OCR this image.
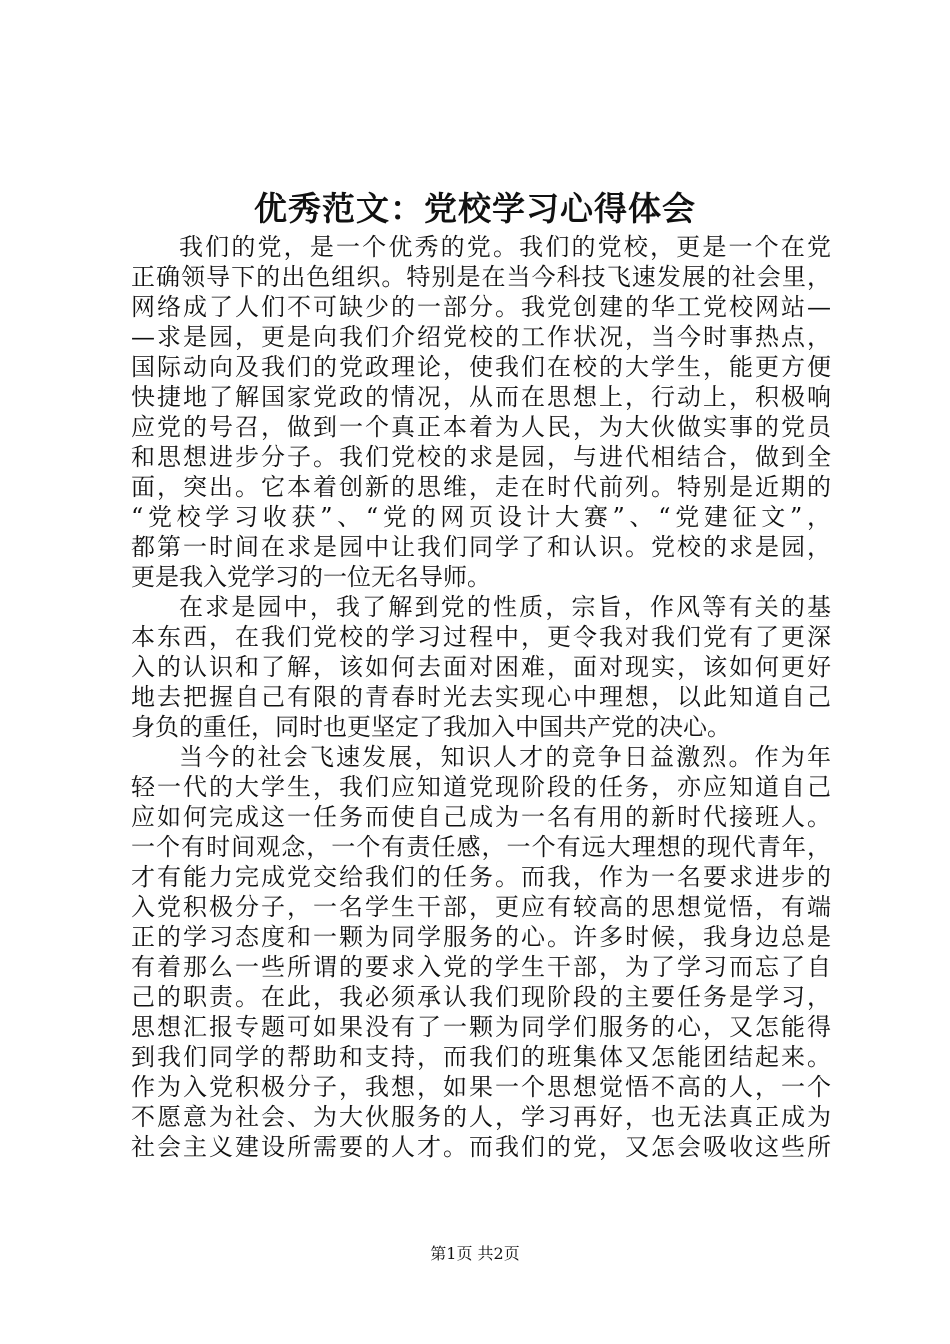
优秀范文：党校学习心得体会
我们的党，是一个优秀的党。我们的党校，更是一个在党
正确领导下的出色组织。特别是在当今科技飞速发展的社会里，
网络成了人们不可缺少的一部分。我党创建的华工党校网站—
—求是园，更是向我们介绍党校的工作状况，当今时事热点，
国际动向及我们的党政理论，使我们在校的大学生，能更方便
快捷地了解国家党政的情况，从而在思想上，行动上，积极响
应党的号召，做到一个真正本着为人民，为大伙做实事的党员
和思想进步分子。我们党校的求是园，与进代相结合，做到全
面，突出。它本着创新的思维，走在时代前列。特别是近期的
“党校学习收获”、“党的网页设计大赛”、“党建征文”，
都第一时间在求是园中让我们同学了和认识。党校的求是园，
更是我入党学习的一位无名导师。
在求是园中，我了解到党的性质，宗旨，作风等有关的基
本东西，在我们党校的学习过程中，更令我对我们党有了更深
入的认识和了解，该如何去面对困难，面对现实，该如何更好
地去把握自己有限的青春时光去实现心中理想，以此知道自己
身负的重任，同时也更坚定了我加入中国共产党的决心。
当今的社会飞速发展，知识人才的竞争日益激烈。作为年
轻一代的大学生，我们应知道党现阶段的任务，亦应知道自己
应如何完成这一任务而使自己成为一名有用的新时代接班人。
一个有时间观念，一个有责任感，一个有远大理想的现代青年，
才有能力完成党交给我们的任务。而我，作为一名要求进步的
入党积极分子，一名学生干部，更应有较高的思想觉悟，有端
正的学习态度和一颗为同学服务的心。许多时候，我身边总是
有着那么一些所谓的要求入党的学生干部，为了学习而忘了自
己的职责。在此，我必须承认我们现阶段的主要任务是学习，
思想汇报专题可如果没有了一颗为同学们服务的心，又怎能得
到我们同学的帮助和支持，而我们的班集体又怎能团结起来。
作为入党积极分子，我想，如果一个思想觉悟不高的人，一个
不愿意为社会、为大伙服务的人，学习再好，也无法真正成为
社会主义建设所需要的人才。而我们的党，又怎会吸收这些所
第1页 共2页
